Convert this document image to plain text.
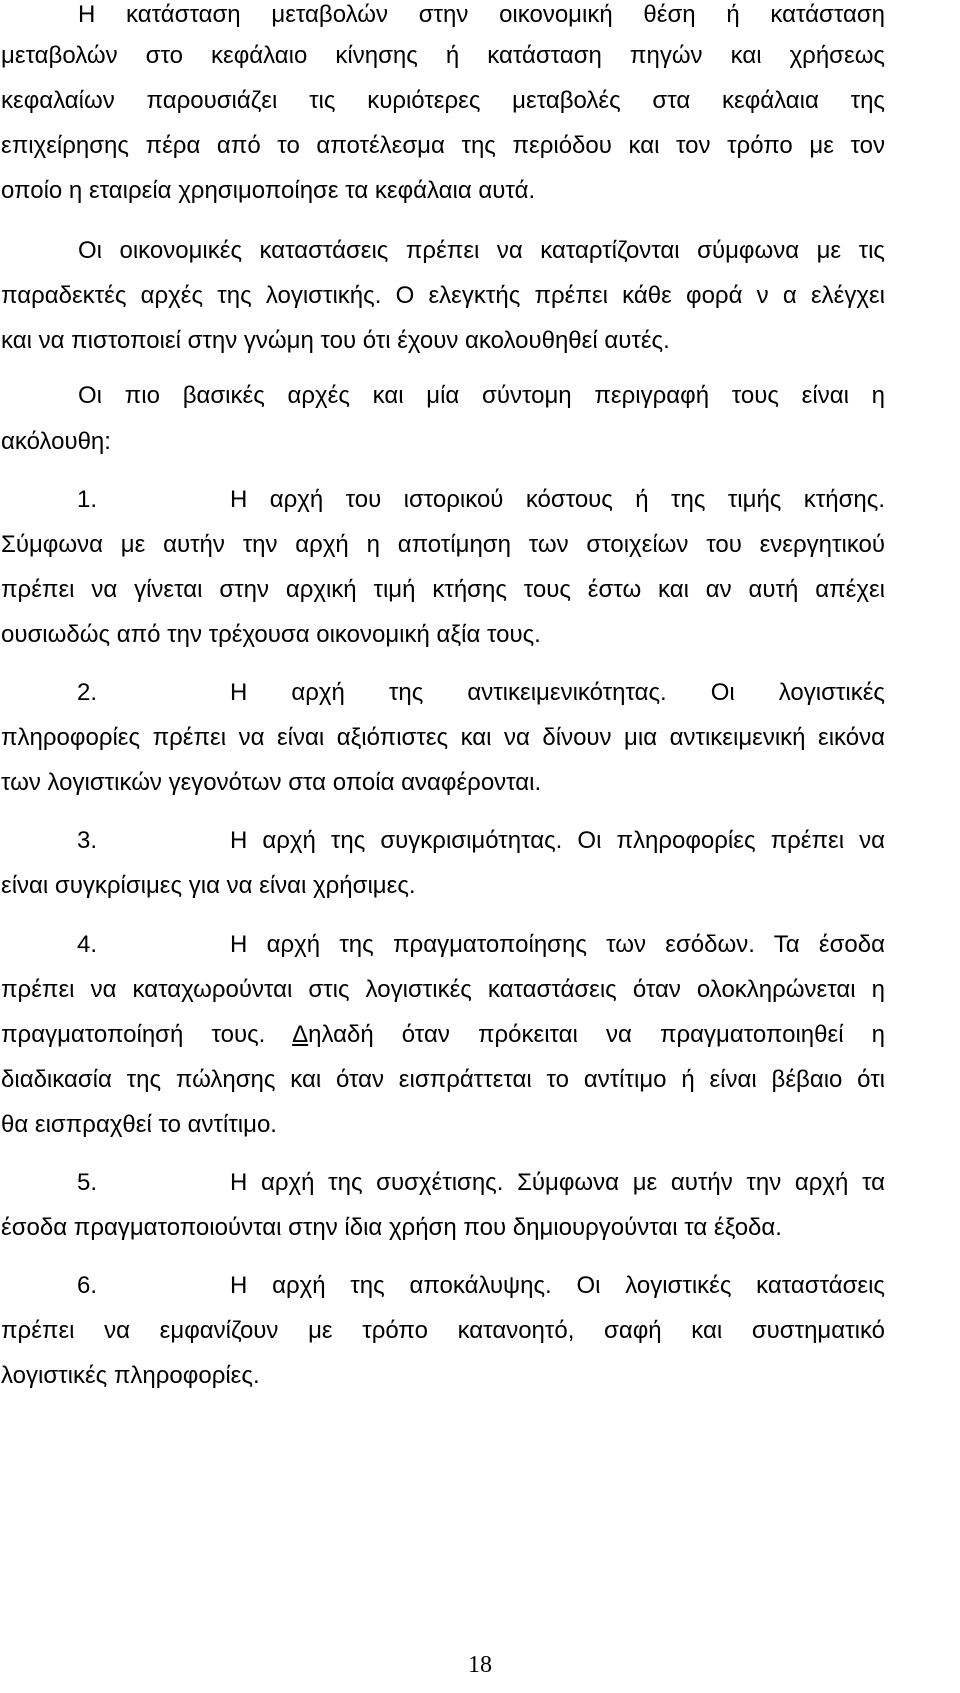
Η κατάσταση μεταβολών στην οικονομική θέση ή κατάσταση
μεταβολών στο κεφάλαιο κίνησης ή κατάσταση πηγών και χρήσεως
κεφαλαίων παρουσιάζει τις κυριότερες μεταβολές στα κεφάλαια της
επιχείρησης πέρα από το αποτέλεσμα της περιόδου και τον τρόπο με τον
οποίο η εταιρεία χρησιμοποίησε τα κεφάλαια αυτά.
Οι οικονομικές καταστάσεις πρέπει να καταρτίζονται σύμφωνα με τις
παραδεκτές αρχές της λογιστικής. Ο ελεγκτής πρέπει κάθε φορά ν α ελέγχει
και να πιστοποιεί στην γνώμη του ότι έχουν ακολουθηθεί αυτές.
Οι πιο βασικές αρχές και μία σύντομη περιγραφή τους είναι η
ακόλουθη:
1.	Η αρχή του ιστορικού κόστους ή της τιμής κτήσης.
Σύμφωνα με αυτήν την αρχή η αποτίμηση των στοιχείων του ενεργητικού
πρέπει να γίνεται στην αρχική τιμή κτήσης τους έστω και αν αυτή απέχει
ουσιωδώς από την τρέχουσα οικονομική αξία τους.
2.	Η αρχή της αντικειμενικότητας. Οι λογιστικές
πληροφορίες πρέπει να είναι αξιόπιστες και να δίνουν μια αντικειμενική εικόνα
των λογιστικών γεγονότων στα οποία αναφέρονται.
3.	Η αρχή της συγκρισιμότητας. Οι πληροφορίες πρέπει να
είναι συγκρίσιμες για να είναι χρήσιμες.
4.	Η αρχή της πραγματοποίησης των εσόδων. Τα έσοδα
πρέπει να καταχωρούνται στις λογιστικές καταστάσεις όταν ολοκληρώνεται η
πραγματοποίησή τους. Δηλαδή όταν πρόκειται να πραγματοποιηθεί η
διαδικασία της πώλησης και όταν εισπράττεται το αντίτιμο ή είναι βέβαιο ότι
θα εισπραχθεί το αντίτιμο.
5.	Η αρχή της συσχέτισης. Σύμφωνα με αυτήν την αρχή τα
έσοδα πραγματοποιούνται στην ίδια χρήση που δημιουργούνται τα έξοδα.
6.	Η αρχή της αποκάλυψης. Οι λογιστικές καταστάσεις
πρέπει να εμφανίζουν με τρόπο κατανοητό, σαφή και συστηματικό
λογιστικές πληροφορίες.
18
